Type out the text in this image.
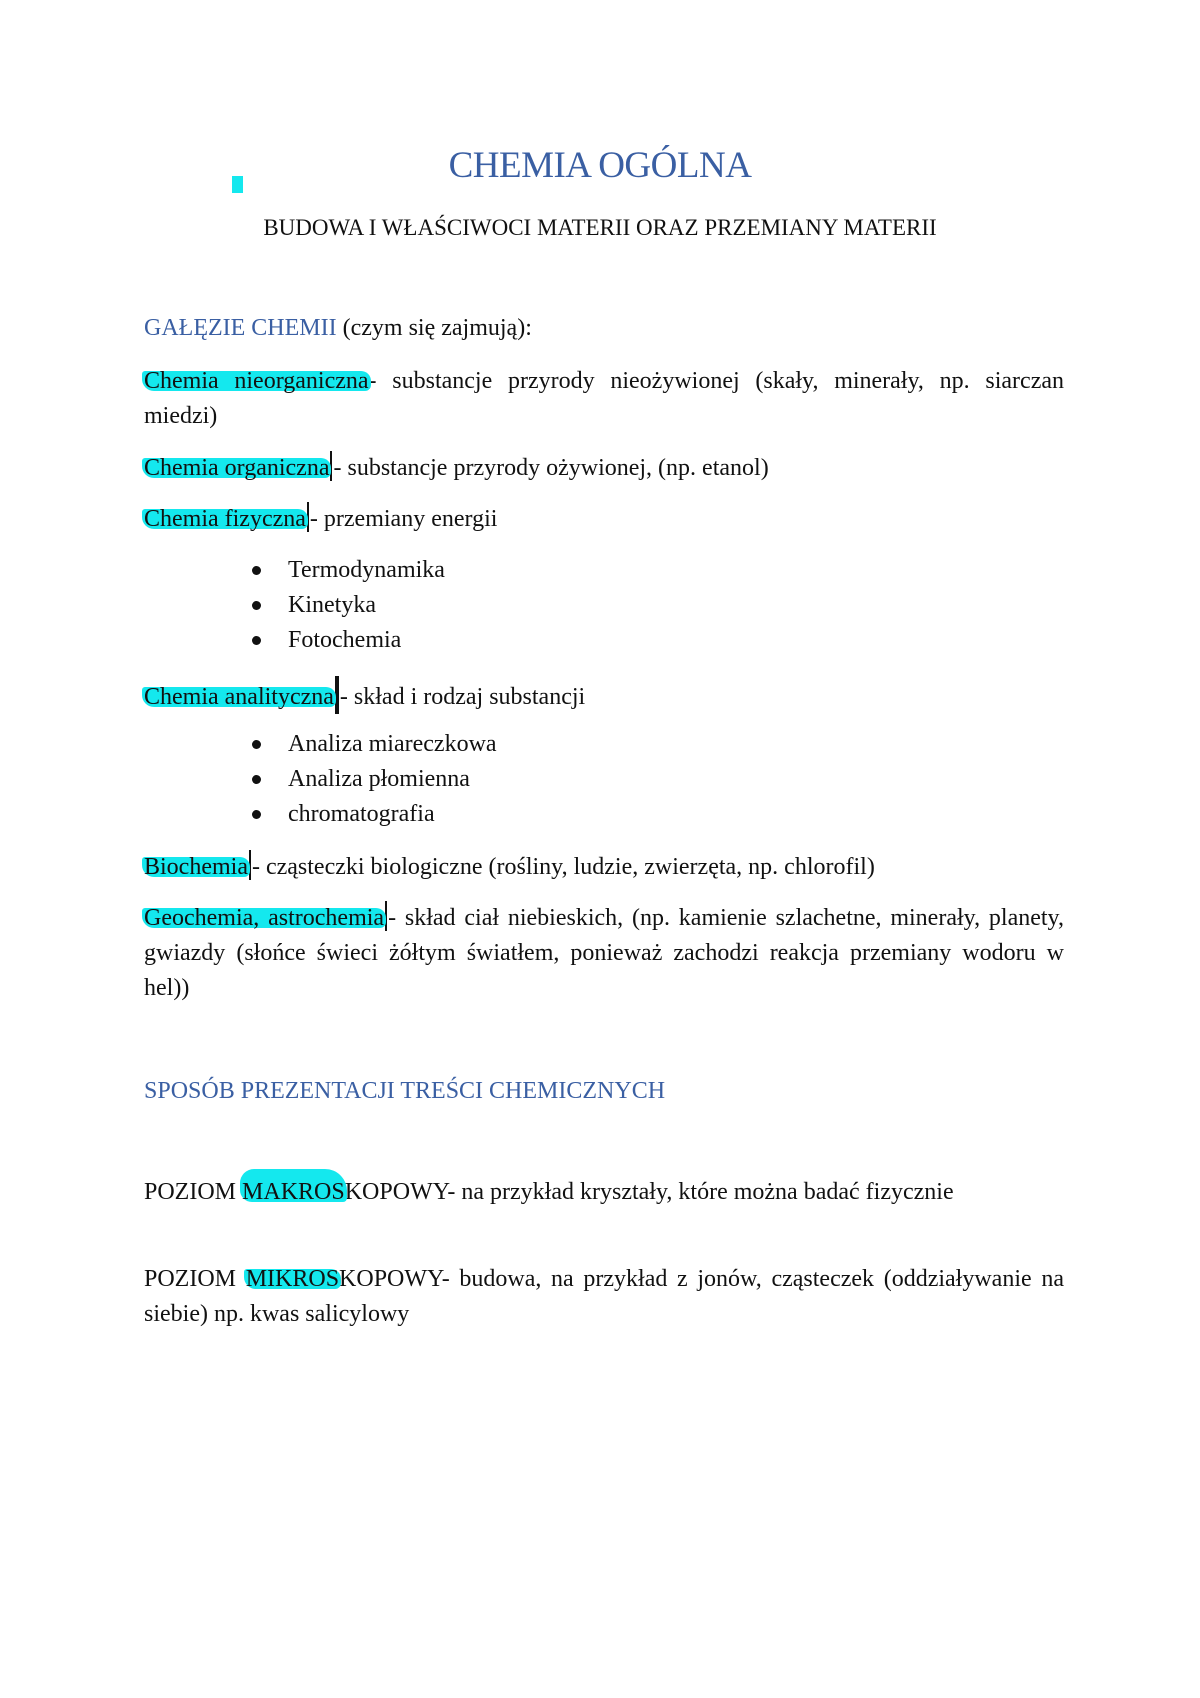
CHEMIA OGÓLNA
BUDOWA I WŁAŚCIWOCI MATERII ORAZ PRZEMIANY MATERII
GAŁĘZIE CHEMII (czym się zajmują):
Chemia nieorganiczna- substancje przyrody nieożywionej (skały, minerały, np. siarczan miedzi)
Chemia organiczna - substancje przyrody ożywionej, (np. etanol)
Chemia fizyczna - przemiany energii
Termodynamika
Kinetyka
Fotochemia
Chemia analityczna - skład i rodzaj substancji
Analiza miareczkowa
Analiza płomienna
chromatografia
Biochemia - cząsteczki biologiczne (rośliny, ludzie, zwierzęta, np. chlorofil)
Geochemia, astrochemia - skład ciał niebieskich, (np. kamienie szlachetne, minerały, planety, gwiazdy (słońce świeci żółtym światłem, ponieważ zachodzi reakcja przemiany wodoru w hel))
SPOSÓB PREZENTACJI TREŚCI CHEMICZNYCH
POZIOM MAKROSKOPOWY- na przykład kryształy, które można badać fizycznie
POZIOM MIKROSKOPOWY- budowa, na przykład z jonów, cząsteczek (oddziaływanie na siebie) np. kwas salicylowy
